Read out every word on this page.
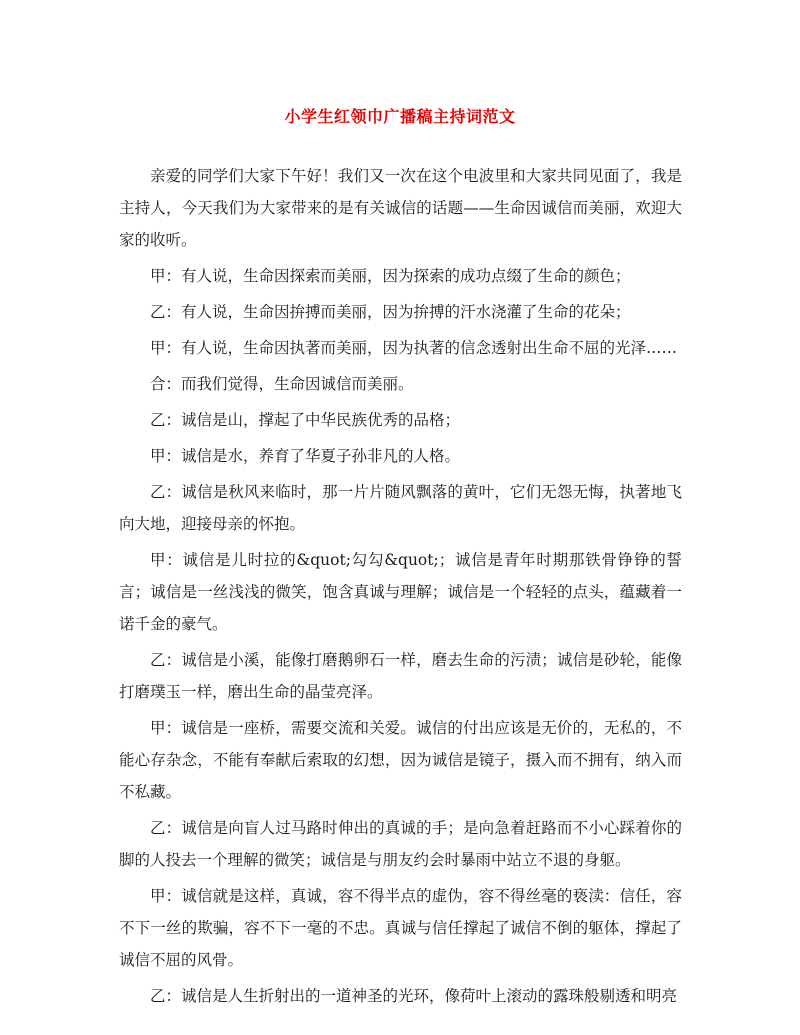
小学生红领巾广播稿主持词范文

亲爱的同学们大家下午好！我们又一次在这个电波里和大家共同见面了，我是主持人，今天我们为大家带来的是有关诚信的话题——生命因诚信而美丽，欢迎大家的收听。

甲：有人说，生命因探索而美丽，因为探索的成功点缀了生命的颜色；

乙：有人说，生命因拚搏而美丽，因为拚搏的汗水浇灌了生命的花朵；

甲：有人说，生命因执著而美丽，因为执著的信念透射出生命不屈的光泽……

合：而我们觉得，生命因诚信而美丽。

乙：诚信是山，撑起了中华民族优秀的品格；

甲：诚信是水，养育了华夏子孙非凡的人格。

乙：诚信是秋风来临时，那一片片随风飘落的黄叶，它们无怨无悔，执著地飞向大地，迎接母亲的怀抱。

甲：诚信是儿时拉的&quot;勾勾&quot;；诚信是青年时期那铁骨铮铮的誓言；诚信是一丝浅浅的微笑，饱含真诚与理解；诚信是一个轻轻的点头，蕴藏着一诺千金的豪气。

乙：诚信是小溪，能像打磨鹅卵石一样，磨去生命的污渍；诚信是砂轮，能像打磨璞玉一样，磨出生命的晶莹亮泽。

甲：诚信是一座桥，需要交流和关爱。诚信的付出应该是无价的，无私的，不能心存杂念，不能有奉献后索取的幻想，因为诚信是镜子，摄入而不拥有，纳入而不私藏。

乙：诚信是向盲人过马路时伸出的真诚的手；是向急着赶路而不小心踩着你的脚的人投去一个理解的微笑；诚信是与朋友约会时暴雨中站立不退的身躯。

甲：诚信就是这样，真诚，容不得半点的虚伪，容不得丝毫的亵渎：信任，容不下一丝的欺骗，容不下一毫的不忠。真诚与信任撑起了诚信不倒的躯体，撑起了诚信不屈的风骨。

乙：诚信是人生折射出的一道神圣的光环，像荷叶上滚动的露珠般剔透和明亮
